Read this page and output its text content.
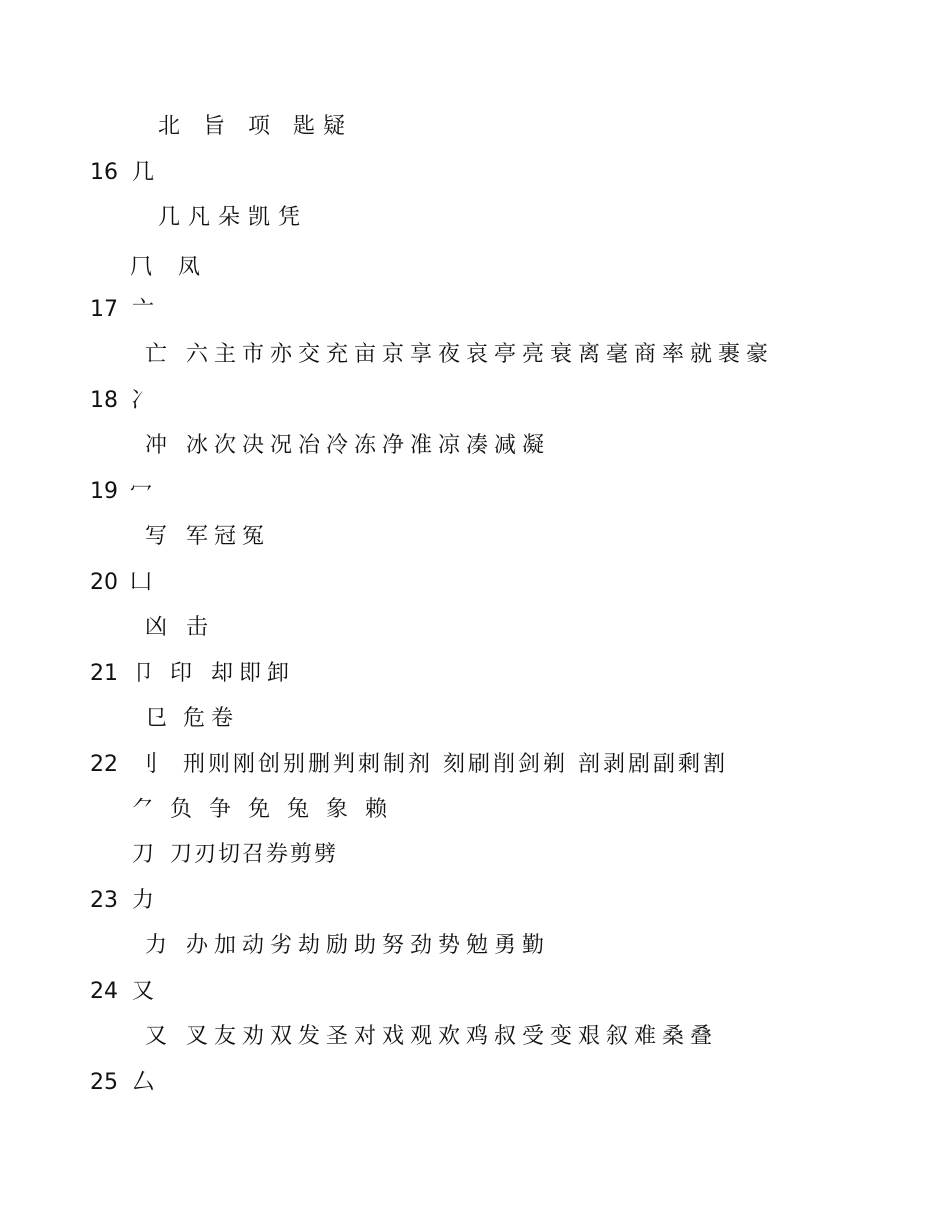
北 旨 项 匙疑
16 几
几凡朵凯凭
⺇ 凤
17 亠
亡 六主市亦交充亩京享夜哀亭亮衰离毫商率就裹豪
18 冫
冲 冰次决况冶冷冻净准凉凑减凝
19 冖
写 军冠冤
20 凵
凶 击
21 卩 印 却即卸
㔾 危卷
22 刂 刑则刚创别删判刺制剂 刻刷削剑剃 剖剥剧副剩割
⺈ 负 争 免 兔 象 赖
刀 刀刃切召券剪劈
23 力
力 办加动劣劫励助努劲势勉勇勤
24 又
又 叉友劝双发圣对戏观欢鸡叔受变艰叙难桑叠
25 厶
